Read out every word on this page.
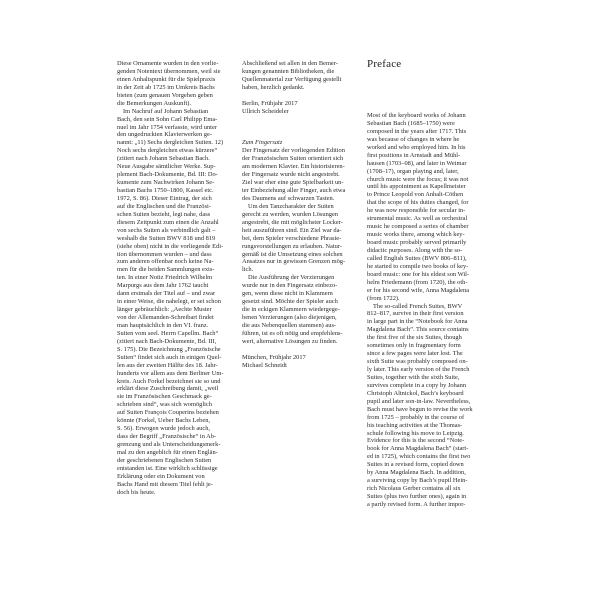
Diese Ornamente wurden in den vorlie-
genden Notentext übernommen, weil sie
einen Anhaltspunkt für die Spielpraxis
in der Zeit ab 1725 im Umkreis Bachs
bieten (zum genauen Vorgehen geben
die Bemerkungen Auskunft).
Im Nachruf auf Johann Sebastian
Bach, den sein Sohn Carl Philipp Ema-
nuel im Jahr 1754 verfasste, wird unter
den ungedruckten Klavierwerken ge-
nannt: „11) Sechs dergleichen Suiten. 12)
Noch sechs dergleichen etwas kürzere“
(zitiert nach Johann Sebastian Bach.
Neue Ausgabe sämtlicher Werke. Sup-
plement Bach-Dokumente, Bd. III: Do-
kumente zum Nachwirken Johann Se-
bastian Bachs 1750–1800, Kassel etc.
1972, S. 86). Dieser Eintrag, der sich
auf die Englischen und die Französi-
schen Suiten bezieht, legt nahe, dass
diesem Zeitpunkt zum einen die Anzahl
von sechs Suiten als verbindlich galt –
weshalb die Suiten BWV 818 und 819
(siehe oben) nicht in die vorliegende Edi-
tion übernommen wurden – und dass
zum anderen offenbar noch keine Na-
men für die beiden Sammlungen exis-
ten. In einer Notiz Friedrich Wilhelm
Marpurgs aus dem Jahr 1762 taucht
dann erstmals der Titel auf – und zwar
in einer Weise, die nahelegt, er sei schon
länger gebräuchlich: „Aechte Muster
von der Allemanden-Schreibart findet
man hauptsächlich in den VI. franz.
Suiten vom seel. Herrn Capellm. Bach“
(zitiert nach Bach-Dokumente, Bd. III,
S. 175). Die Bezeichnung „Französische
Suiten“ findet sich auch in einigen Quel-
len aus der zweiten Hälfte des 18. Jahr-
hunderts vor allem aus dem Berliner Um-
kreis. Auch Forkel bezeichnet sie so und
erklärt diese Zuschreibung damit, „weil
sie im Französischen Geschmack ge-
schrieben sind“, was sich womöglich
auf Suiten François Couperins beziehen
könnte (Forkel, Ueber Bachs Leben,
S. 56). Erwogen wurde jedoch auch,
dass der Begriff „Französische“ in Ab-
grenzung und als Unterscheidungsmerk-
mal zu den angeblich für einen Englän-
der geschriebenen Englischen Suiten
entstanden ist. Eine wirklich schlüssige
Erklärung oder ein Dokument von
Bachs Hand mit diesem Titel fehlt je-
doch bis heute.
Abschließend sei allen in den Bemer-
kungen genannten Bibliotheken, die
Quellenmaterial zur Verfügung gestellt
haben, herzlich gedankt.
Berlin, Frühjahr 2017
Ullrich Scheideler
Zum Fingersatz
Der Fingersatz der vorliegenden Edition
der Französischen Suiten orientiert sich
am modernen Klavier. Ein historisieren-
der Fingersatz wurde nicht angestrebt.
Ziel war eher eine gute Spielbarkeit un-
ter Einbeziehung aller Finger, auch etwa
des Daumens auf schwarzen Tasten.
Um den Tanzcharakter der Suiten
gerecht zu werden, wurden Lösungen
angestrebt, die mit möglichster Locker-
heit auszuführen sind. Ein Ziel war da-
bei, dem Spieler verschiedene Phrasie-
rungsvorstellungen zu erlauben. Natur-
gemäß ist die Umsetzung eines solchen
Ansatzes nur in gewissen Grenzen mög-
lich.
Die Ausführung der Verzierungen
wurde nur in den Fingersatz einbezo-
gen, wenn diese nicht in Klammern
gesetzt sind. Möchte der Spieler auch
die in eckigen Klammern wiedergege-
benen Verzierungen (also diejenigen,
die aus Nebenquellen stammen) aus-
führen, ist es oft nötig und empfehlens-
wert, alternative Lösungen zu finden.
München, Frühjahr 2017
Michael Schneidt
Preface
Most of the keyboard works of Johann
Sebastian Bach (1685–1750) were
composed in the years after 1717. This
was because of changes in where he
worked and who employed him. In his
first positions in Arnstadt and Mühl-
hausen (1703–08), and later in Weimar
(1708–17), organ playing and, later,
church music were the focus; it was not
until his appointment as Kapellmeister
to Prince Leopold von Anhalt-Cöthen
that the scope of his duties changed, for
he was now responsible for secular in-
strumental music. As well as orchestral
music he composed a series of chamber
music works there, among which key-
board music probably served primarily
didactic purposes. Along with the so-
called English Suites (BWV 806–811),
he started to compile two books of key-
board music: one for his eldest son Wil-
helm Friedemann (from 1720), the oth-
er for his second wife, Anna Magdalena
(from 1722).
The so-called French Suites, BWV
812–817, survive in their first version
in large part in the “Notebook for Anna
Magdalena Bach”. This source contains
the first five of the six Suites, though
sometimes only in fragmentary form
since a few pages were later lost. The
sixth Suite was probably composed on-
ly later. This early version of the French
Suites, together with the sixth Suite,
survives complete in a copy by Johann
Christoph Altnickol, Bach’s keyboard
pupil and later son-in-law. Nevertheless,
Bach must have begun to revise the work
from 1725 – probably in the course of
his teaching activities at the Thomas-
schule following his move to Leipzig.
Evidence for this is the second “Note-
book for Anna Magdalena Bach” (start-
ed in 1725), which contains the first two
Suites in a revised form, copied down
by Anna Magdalena Bach. In addition,
a surviving copy by Bach’s pupil Hein-
rich Nicolaus Gerber contains all six
Suites (plus two further ones), again in
a partly revised form. A further impor-
